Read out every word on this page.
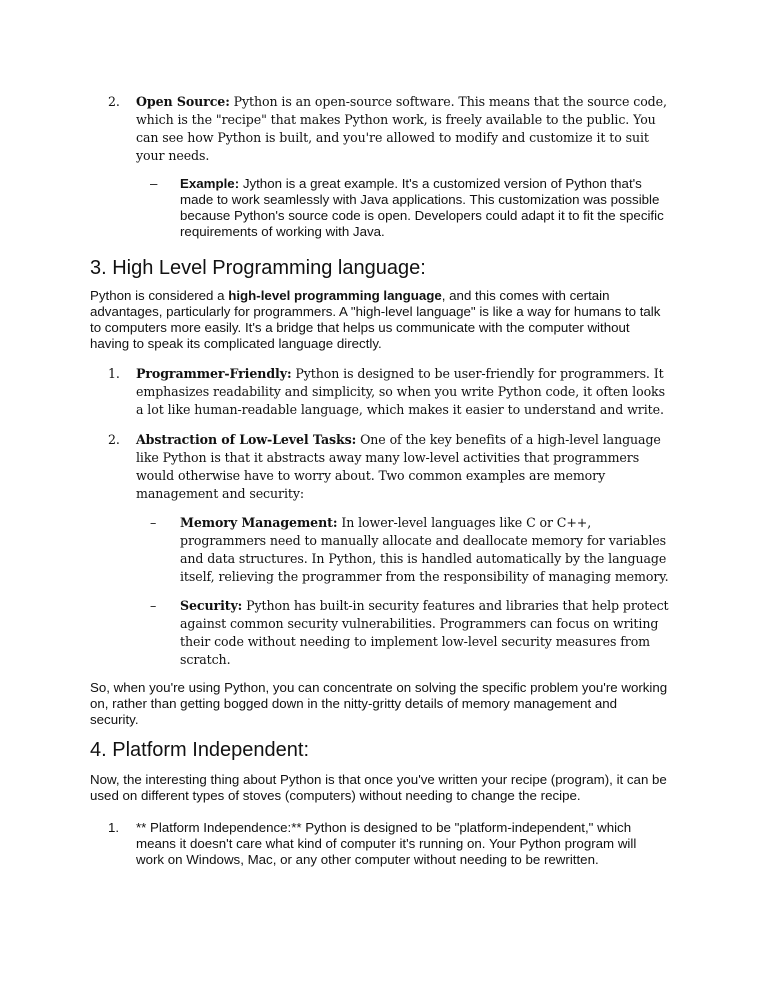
2.	Open Source: Python is an open-source software. This means that the source code, which is the "recipe" that makes Python work, is freely available to the public. You can see how Python is built, and you're allowed to modify and customize it to suit your needs.
–	Example: Jython is a great example. It's a customized version of Python that's made to work seamlessly with Java applications. This customization was possible because Python's source code is open. Developers could adapt it to fit the specific requirements of working with Java.
3. High Level Programming language:
Python is considered a high-level programming language, and this comes with certain advantages, particularly for programmers. A "high-level language" is like a way for humans to talk to computers more easily. It's a bridge that helps us communicate with the computer without having to speak its complicated language directly.
1.	Programmer-Friendly: Python is designed to be user-friendly for programmers. It emphasizes readability and simplicity, so when you write Python code, it often looks a lot like human-readable language, which makes it easier to understand and write.
2.	Abstraction of Low-Level Tasks: One of the key benefits of a high-level language like Python is that it abstracts away many low-level activities that programmers would otherwise have to worry about. Two common examples are memory management and security:
–	Memory Management: In lower-level languages like C or C++, programmers need to manually allocate and deallocate memory for variables and data structures. In Python, this is handled automatically by the language itself, relieving the programmer from the responsibility of managing memory.
–	Security: Python has built-in security features and libraries that help protect against common security vulnerabilities. Programmers can focus on writing their code without needing to implement low-level security measures from scratch.
So, when you're using Python, you can concentrate on solving the specific problem you're working on, rather than getting bogged down in the nitty-gritty details of memory management and security.
4. Platform Independent:
Now, the interesting thing about Python is that once you've written your recipe (program), it can be used on different types of stoves (computers) without needing to change the recipe.
1.	** Platform Independence:** Python is designed to be "platform-independent," which means it doesn't care what kind of computer it's running on. Your Python program will work on Windows, Mac, or any other computer without needing to be rewritten.
